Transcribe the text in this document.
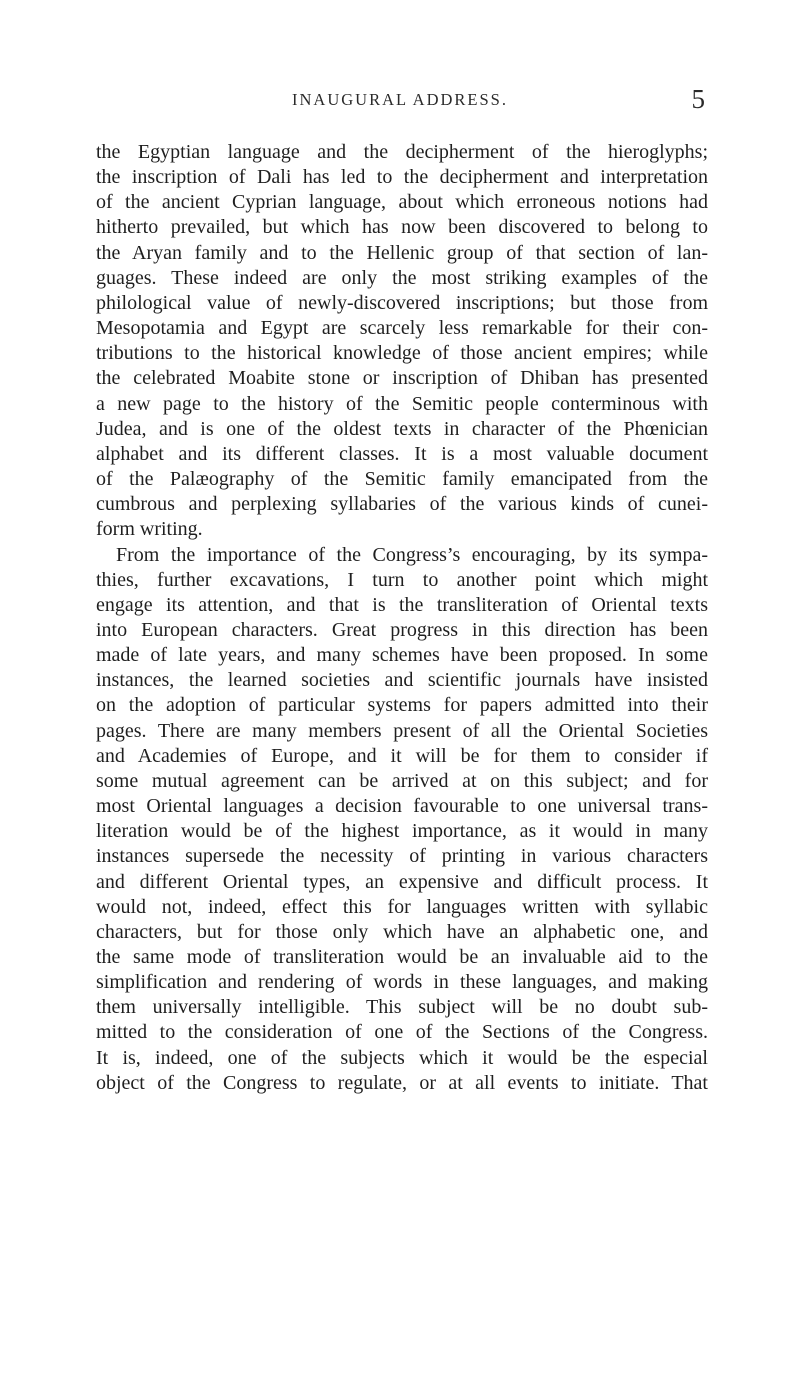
INAUGURAL ADDRESS.	5

the Egyptian language and the decipherment of the hieroglyphs;
the inscription of Dali has led to the decipherment and interpretation
of the ancient Cyprian language, about which erroneous notions had
hitherto prevailed, but which has now been discovered to belong to
the Aryan family and to the Hellenic group of that section of lan-
guages. These indeed are only the most striking examples of the
philological value of newly-discovered inscriptions; but those from
Mesopotamia and Egypt are scarcely less remarkable for their con-
tributions to the historical knowledge of those ancient empires; while
the celebrated Moabite stone or inscription of Dhiban has presented
a new page to the history of the Semitic people conterminous with
Judea, and is one of the oldest texts in character of the Phœnician
alphabet and its different classes. It is a most valuable document
of the Palæography of the Semitic family emancipated from the
cumbrous and perplexing syllabaries of the various kinds of cunei-
form writing.

From the importance of the Congress’s encouraging, by its sympa-
thies, further excavations, I turn to another point which might
engage its attention, and that is the transliteration of Oriental texts
into European characters. Great progress in this direction has been
made of late years, and many schemes have been proposed. In some
instances, the learned societies and scientific journals have insisted
on the adoption of particular systems for papers admitted into their
pages. There are many members present of all the Oriental Societies
and Academies of Europe, and it will be for them to consider if
some mutual agreement can be arrived at on this subject; and for
most Oriental languages a decision favourable to one universal trans-
literation would be of the highest importance, as it would in many
instances supersede the necessity of printing in various characters
and different Oriental types, an expensive and difficult process. It
would not, indeed, effect this for languages written with syllabic
characters, but for those only which have an alphabetic one, and
the same mode of transliteration would be an invaluable aid to the
simplification and rendering of words in these languages, and making
them universally intelligible. This subject will be no doubt sub-
mitted to the consideration of one of the Sections of the Congress.
It is, indeed, one of the subjects which it would be the especial
object of the Congress to regulate, or at all events to initiate. That
